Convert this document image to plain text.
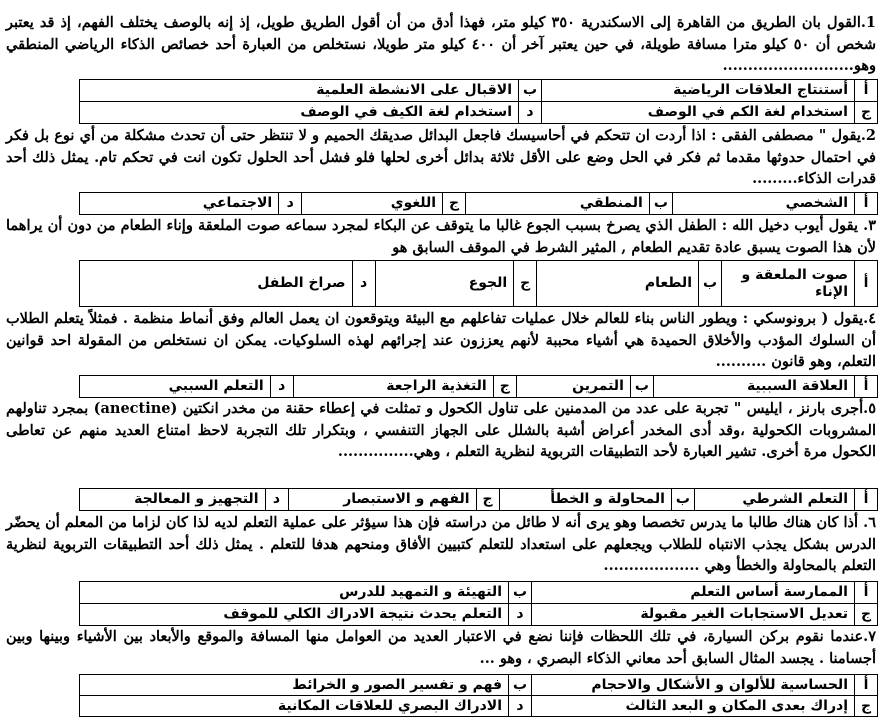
1.القول بان الطريق من القاهرة إلى الاسكندرية ٣٥٠ كيلو متر، فهذا أدق من أن أقول الطريق طويل، إذ إنه بالوصف يختلف الفهم، إذ قد يعتبر شخص أن ٥٠ كيلو مترا مسافة طويلة، في حين يعتبر آخر أن ٤٠٠ كيلو متر طويلا، نستخلص من العبارة أحد خصائص الذكاء الرياضي المنطقي وهو..........................
أ	أستنتاج العلاقات الرياضية	ب	الاقبال على الانشطة العلمية
ج	استخدام لغة الكم في الوصف	د	استخدام لغة الكيف في الوصف
2.يقول " مصطفى الفقى : اذا أردت ان تتحكم في أحاسيسك فاجعل البدائل صديقك الحميم و لا تنتظر حتى أن تحدث مشكلة من أي نوع بل فكر في احتمال حدوثها مقدما ثم فكر في الحل وضع على الأقل ثلاثة بدائل أخرى لحلها فلو فشل أحد الحلول تكون انت في تحكم تام. يمثل ذلك أحد قدرات الذكاء.........
أ	الشخصي	ب	المنطقي	ج	اللغوي	د	الاجتماعي
٣. يقول أيوب دخيل الله : الطفل الذي يصرخ بسبب الجوع غالبا ما يتوقف عن البكاء لمجرد سماعه صوت الملعقة وإناء الطعام من دون أن يراهما لأن هذا الصوت يسبق عادة تقديم الطعام , المثير الشرط في الموقف السابق هو
أ	صوت الملعقة و الإناء	ب	الطعام	ج	الجوع	د	صراخ الطفل
٤.يقول ( برونوسكي : ويطور الناس بناء للعالم خلال عمليات تفاعلهم مع البيئة ويتوقعون ان يعمل العالم وفق أنماط منظمة . فمثلاً يتعلم الطلاب أن السلوك المؤدب والأخلاق الحميدة هي أشياء محببة لأنهم يعززون عند إجرائهم لهذه السلوكيات. يمكن ان نستخلص من المقولة احد قوانين التعلم، وهو قانون ..........
أ	العلاقة السببية	ب	التمرين	ج	التغذية الراجعة	د	التعلم السببي
٥.أجرى بارنز ، ايليس " تجربة على عدد من المدمنين على تناول الكحول و تمثلت في إعطاء حقنة من مخدر انكتين (anectine) بمجرد تناولهم المشروبات الكحولية ،وقد أدى المخدر أعراض أشبة بالشلل على الجهاز التنفسي ، وبتكرار تلك التجربة لاحظ امتناع العديد منهم عن تعاطى الكحول مرة أخرى. تشير العبارة لأحد التطبيقات التربوية لنظرية التعلم ، وهي...............
أ	التعلم الشرطي	ب	المحاولة و الخطأ	ج	الفهم و الاستبصار	د	التجهيز و المعالجة
٦. أذا كان هناك طالبا ما يدرس تخصصا وهو يرى أنه لا طائل من دراسته فإن هذا سيؤثر على عملية التعلم لديه لذا كان لزاما من المعلم أن يحضّر الدرس بشكل يجذب الانتباه للطلاب ويجعلهم على استعداد للتعلم كتبيين الأفاق ومنحهم هدفا للتعلم . يمثل ذلك أحد التطبيقات التربوية لنظرية التعلم بالمحاولة والخطأ وهي ...................
أ	الممارسة أساس التعلم	ب	التهيئة و التمهيد للدرس
ج	تعديل الاستجابات الغير مقبولة	د	التعلم يحدث نتيجة الادراك الكلي للموقف
٧.عندما نقوم بركن السيارة، في تلك اللحظات فإننا نضع في الاعتبار العديد من العوامل منها المسافة والموقع والأبعاد بين الأشياء وبينها وبين أجسامنا . يجسد المثال السابق أحد معاني الذكاء البصري ، وهو ...
أ	الحساسية للألوان و الأشكال والاحجام	ب	فهم و تفسير الصور و الخرائط
ج	إدراك بعدى المكان و البعد الثالث	د	الادراك البصري للعلاقات المكانية
